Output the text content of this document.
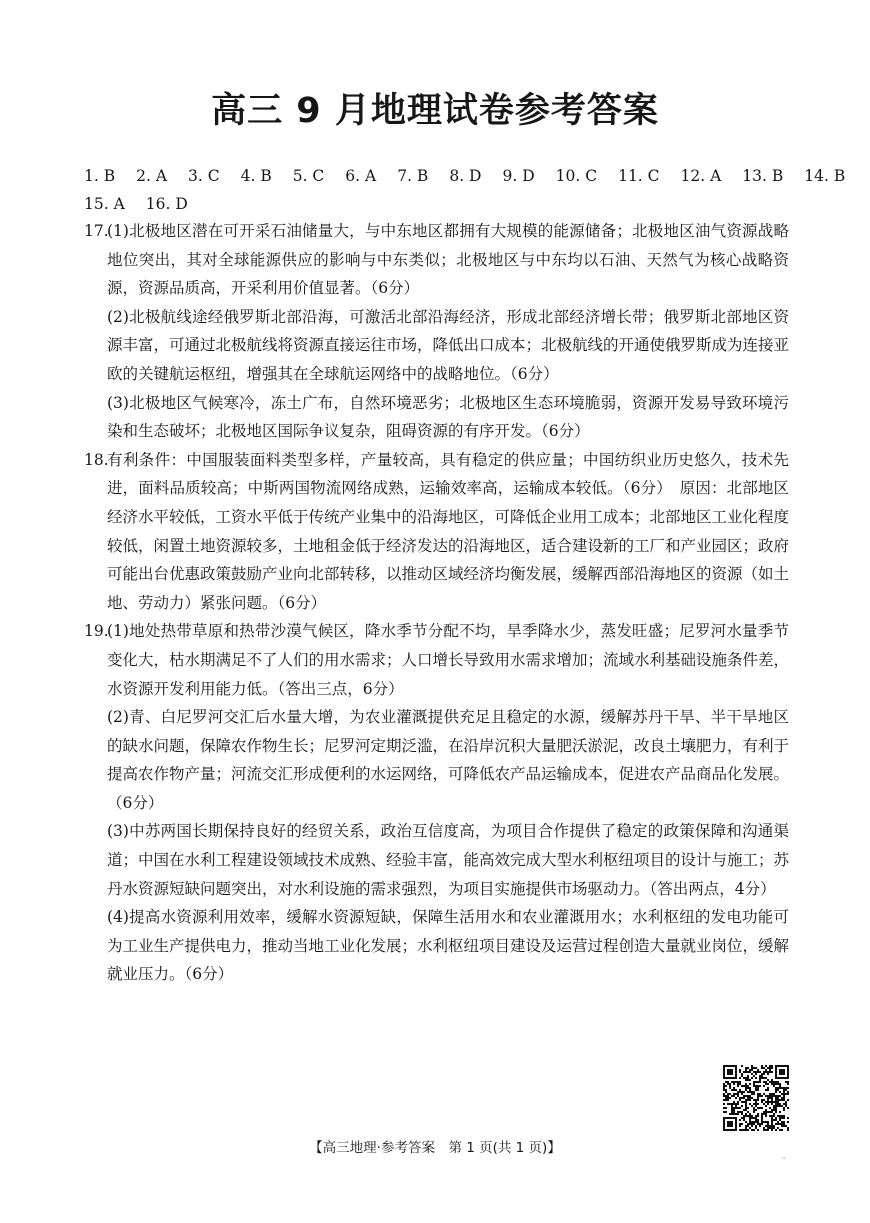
高三 9 月地理试卷参考答案
1. B 2. A 3. C 4. B 5. C 6. A 7. B 8. D 9. D 10. C 11. C 12. A 13. B 14. B
15. A 16. D
17.

(1)北极地区潜在可开采石油储量大，与中东地区都拥有大规模的能源储备；北极地区油气资源战略地位突出，其对全球能源供应的影响与中东类似；北极地区与中东均以石油、天然气为核心战略资源，资源品质高，开采利用价值显著。（6分）

(2)北极航线途经俄罗斯北部沿海，可激活北部沿海经济，形成北部经济增长带；俄罗斯北部地区资源丰富，可通过北极航线将资源直接运往市场，降低出口成本；北极航线的开通使俄罗斯成为连接亚欧的关键航运枢纽，增强其在全球航运网络中的战略地位。（6分）

(3)北极地区气候寒冷，冻土广布，自然环境恶劣；北极地区生态环境脆弱，资源开发易导致环境污染和生态破坏；北极地区国际争议复杂，阻碍资源的有序开发。（6分）

18.

有利条件：中国服装面料类型多样，产量较高，具有稳定的供应量；中国纺织业历史悠久，技术先进，面料品质较高；中斯两国物流网络成熟，运输效率高，运输成本较低。（6分）　原因：北部地区经济水平较低，工资水平低于传统产业集中的沿海地区，可降低企业用工成本；北部地区工业化程度较低，闲置土地资源较多，土地租金低于经济发达的沿海地区，适合建设新的工厂和产业园区；政府可能出台优惠政策鼓励产业向北部转移，以推动区域经济均衡发展，缓解西部沿海地区的资源（如土地、劳动力）紧张问题。（6分）

19.

(1)地处热带草原和热带沙漠气候区，降水季节分配不均，旱季降水少，蒸发旺盛；尼罗河水量季节变化大，枯水期满足不了人们的用水需求；人口增长导致用水需求增加；流域水利基础设施条件差，水资源开发利用能力低。（答出三点，6分）

(2)青、白尼罗河交汇后水量大增，为农业灌溉提供充足且稳定的水源，缓解苏丹干旱、半干旱地区的缺水问题，保障农作物生长；尼罗河定期泛滥，在沿岸沉积大量肥沃淤泥，改良土壤肥力，有利于提高农作物产量；河流交汇形成便利的水运网络，可降低农产品运输成本，促进农产品商品化发展。（6分）

(3)中苏两国长期保持良好的经贸关系，政治互信度高，为项目合作提供了稳定的政策保障和沟通渠道；中国在水利工程建设领域技术成熟、经验丰富，能高效完成大型水利枢纽项目的设计与施工；苏丹水资源短缺问题突出，对水利设施的需求强烈，为项目实施提供市场驱动力。（答出两点，4分）

(4)提高水资源利用效率，缓解水资源短缺，保障生活用水和农业灌溉用水；水利枢纽的发电功能可为工业生产提供电力，推动当地工业化发展；水利枢纽项目建设及运营过程创造大量就业岗位，缓解就业压力。（6分）

【高三地理·参考答案　第 1 页(共 1 页)】
··
